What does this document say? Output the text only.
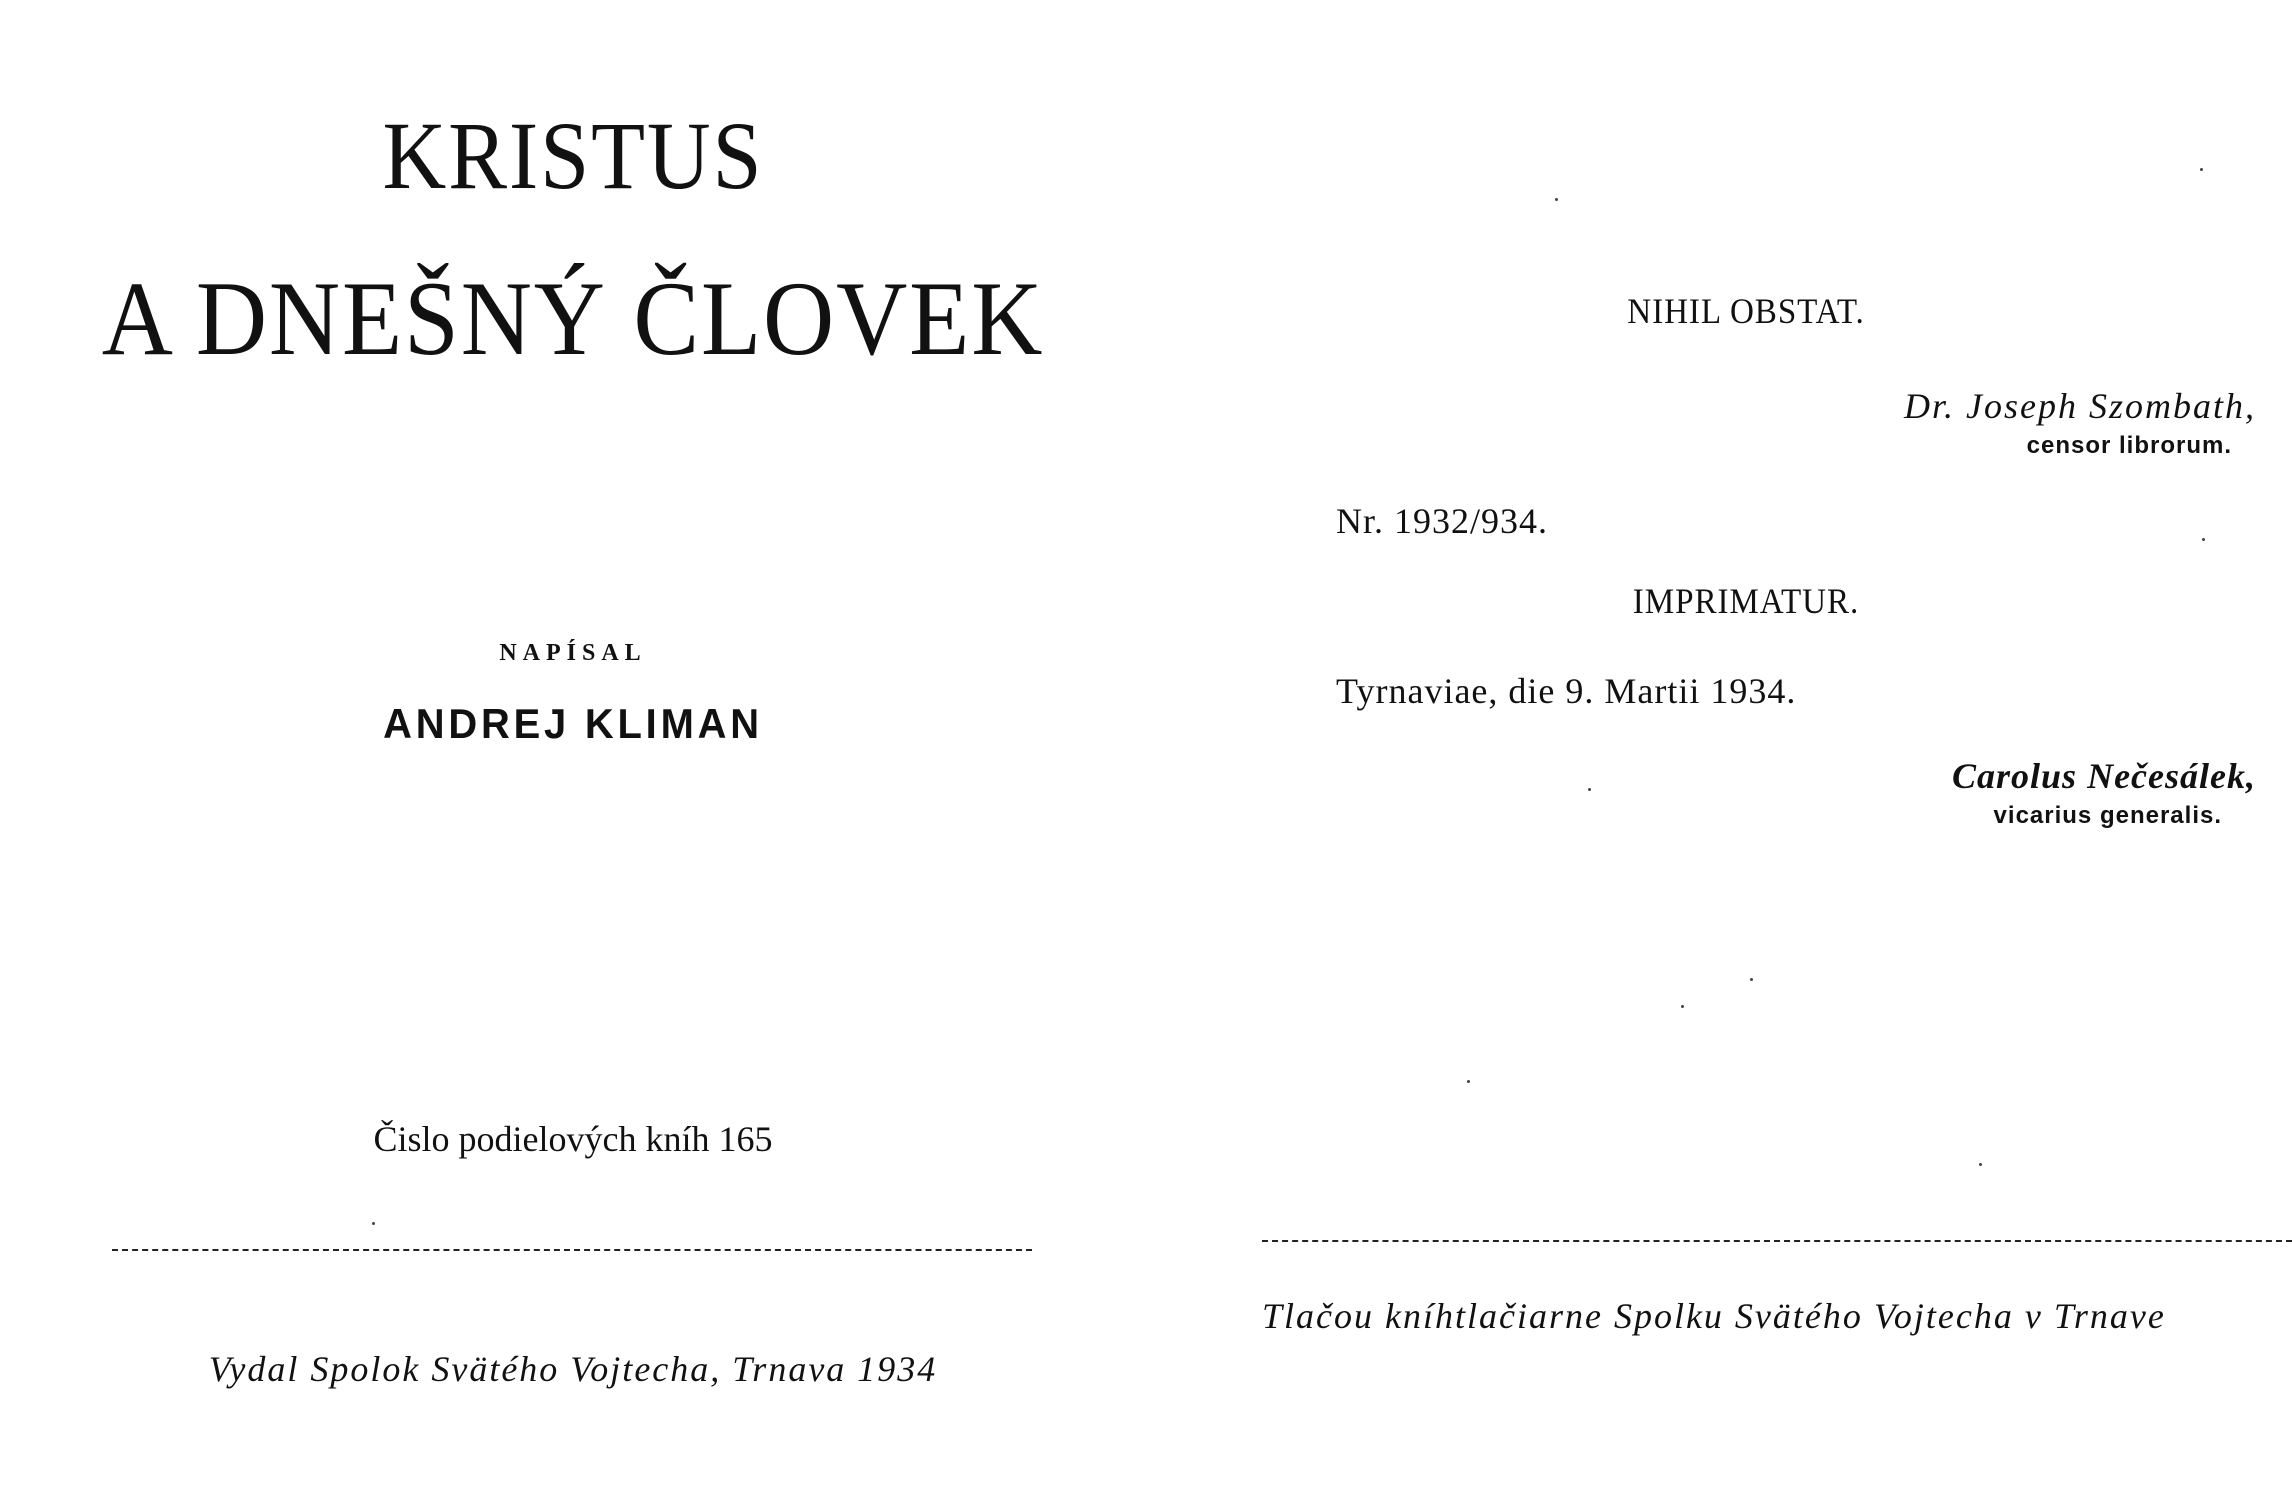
KRISTUS
A DNEŠNÝ ČLOVEK
NAPÍSAL
ANDREJ KLIMAN
Čislo podielových kníh 165
Vydal Spolok Svätého Vojtecha, Trnava 1934
NIHIL OBSTAT.
Dr. Joseph Szombath,
censor librorum.
Nr. 1932/934.
IMPRIMATUR.
Tyrnaviae, die 9. Martii 1934.
Carolus Nečesálek,
vicarius generalis.
Tlačou kníhtlačiarne Spolku Svätého Vojtecha v Trnave
